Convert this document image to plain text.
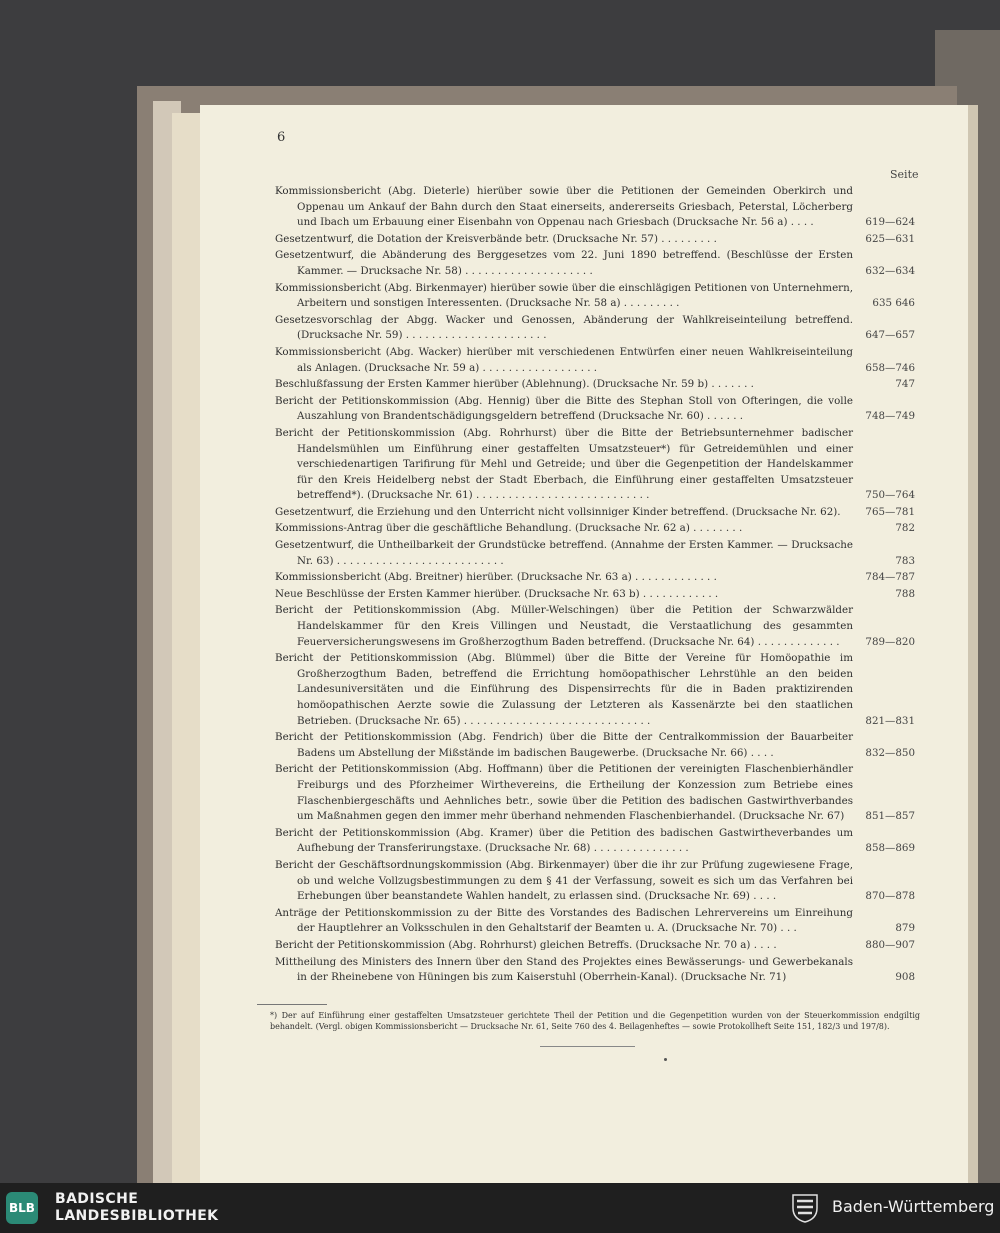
6
Seite
Kommissionsbericht (Abg. Dieterle) hierüber sowie über die Petitionen der Gemeinden Oberkirch und Oppenau um Ankauf der Bahn durch den Staat einerseits, andererseits Griesbach, Peterstal, Löcherberg und Ibach um Erbauung einer Eisenbahn von Oppenau nach Griesbach (Drucksache Nr. 56 a) . . . .	619—624
Gesetzentwurf, die Dotation der Kreisverbände betr. (Drucksache Nr. 57) . . . . . . . . .	625—631
Gesetzentwurf, die Abänderung des Berggesetzes vom 22. Juni 1890 betreffend. (Beschlüsse der Ersten Kammer. — Drucksache Nr. 58) . . . . . . . . . . . . . . . . . . . .	632—634
Kommissionsbericht (Abg. Birkenmayer) hierüber sowie über die einschlägigen Petitionen von Unternehmern, Arbeitern und sonstigen Interessenten. (Drucksache Nr. 58 a) . . . . . . . . .	635 646
Gesetzesvorschlag der Abgg. Wacker und Genossen, Abänderung der Wahlkreiseinteilung betreffend. (Drucksache Nr. 59) . . . . . . . . . . . . . . . . . . . . . .	647—657
Kommissionsbericht (Abg. Wacker) hierüber mit verschiedenen Entwürfen einer neuen Wahlkreiseinteilung als Anlagen. (Drucksache Nr. 59 a) . . . . . . . . . . . . . . . . . .	658—746
Beschlußfassung der Ersten Kammer hierüber (Ablehnung). (Drucksache Nr. 59 b) . . . . . . .	747
Bericht der Petitionskommission (Abg. Hennig) über die Bitte des Stephan Stoll von Ofteringen, die volle Auszahlung von Brandentschädigungsgeldern betreffend (Drucksache Nr. 60) . . . . . .	748—749
Bericht der Petitionskommission (Abg. Rohrhurst) über die Bitte der Betriebsunternehmer badischer Handelsmühlen um Einführung einer gestaffelten Umsatzsteuer*) für Getreidemühlen und einer verschiedenartigen Tarifirung für Mehl und Getreide; und über die Gegenpetition der Handelskammer für den Kreis Heidelberg nebst der Stadt Eberbach, die Einführung einer gestaffelten Umsatzsteuer betreffend*). (Drucksache Nr. 61) . . . . . . . . . . . . . . . . . . . . . . . . . . .	750—764
Gesetzentwurf, die Erziehung und den Unterricht nicht vollsinniger Kinder betreffend. (Drucksache Nr. 62).	765—781
Kommissions-Antrag über die geschäftliche Behandlung. (Drucksache Nr. 62 a) . . . . . . . .	782
Gesetzentwurf, die Untheilbarkeit der Grundstücke betreffend. (Annahme der Ersten Kammer. — Drucksache Nr. 63) . . . . . . . . . . . . . . . . . . . . . . . . . .	783
Kommissionsbericht (Abg. Breitner) hierüber. (Drucksache Nr. 63 a) . . . . . . . . . . . . .	784—787
Neue Beschlüsse der Ersten Kammer hierüber. (Drucksache Nr. 63 b) . . . . . . . . . . . .	788
Bericht der Petitionskommission (Abg. Müller-Welschingen) über die Petition der Schwarzwälder Handelskammer für den Kreis Villingen und Neustadt, die Verstaatlichung des gesammten Feuerversicherungswesens im Großherzogthum Baden betreffend. (Drucksache Nr. 64) . . . . . . . . . . . . .	789—820
Bericht der Petitionskommission (Abg. Blümmel) über die Bitte der Vereine für Homöopathie im Großherzogthum Baden, betreffend die Errichtung homöopathischer Lehrstühle an den beiden Landesuniversitäten und die Einführung des Dispensirrechts für die in Baden praktizirenden homöopathischen Aerzte sowie die Zulassung der Letzteren als Kassenärzte bei den staatlichen Betrieben. (Drucksache Nr. 65) . . . . . . . . . . . . . . . . . . . . . . . . . . . . .	821—831
Bericht der Petitionskommission (Abg. Fendrich) über die Bitte der Centralkommission der Bauarbeiter Badens um Abstellung der Mißstände im badischen Baugewerbe. (Drucksache Nr. 66) . . . .	832—850
Bericht der Petitionskommission (Abg. Hoffmann) über die Petitionen der vereinigten Flaschenbierhändler Freiburgs und des Pforzheimer Wirthevereins, die Ertheilung der Konzession zum Betriebe eines Flaschenbiergeschäfts und Aehnliches betr., sowie über die Petition des badischen Gastwirthverbandes um Maßnahmen gegen den immer mehr überhand nehmenden Flaschenbierhandel. (Drucksache Nr. 67)	851—857
Bericht der Petitionskommission (Abg. Kramer) über die Petition des badischen Gastwirtheverbandes um Aufhebung der Transferirungstaxe. (Drucksache Nr. 68) . . . . . . . . . . . . . . .	858—869
Bericht der Geschäftsordnungskommission (Abg. Birkenmayer) über die ihr zur Prüfung zugewiesene Frage, ob und welche Vollzugsbestimmungen zu dem § 41 der Verfassung, soweit es sich um das Verfahren bei Erhebungen über beanstandete Wahlen handelt, zu erlassen sind. (Drucksache Nr. 69) . . . .	870—878
Anträge der Petitionskommission zu der Bitte des Vorstandes des Badischen Lehrervereins um Einreihung der Hauptlehrer an Volksschulen in den Gehaltstarif der Beamten u. A. (Drucksache Nr. 70) . . .	879
Bericht der Petitionskommission (Abg. Rohrhurst) gleichen Betreffs. (Drucksache Nr. 70 a) . . . .	880—907
Mittheilung des Ministers des Innern über den Stand des Projektes eines Bewässerungs- und Gewerbekanals in der Rheinebene von Hüningen bis zum Kaiserstuhl (Oberrhein-Kanal). (Drucksache Nr. 71)	908
*) Der auf Einführung einer gestaffelten Umsatzsteuer gerichtete Theil der Petition und die Gegenpetition wurden von der Steuerkommission endgiltig behandelt. (Vergl. obigen Kommissionsbericht — Drucksache Nr. 61, Seite 760 des 4. Beilagenheftes — sowie Protokollheft Seite 151, 182/3 und 197/8).
BLB
BADISCHE
LANDESBIBLIOTHEK	Baden-Württemberg
